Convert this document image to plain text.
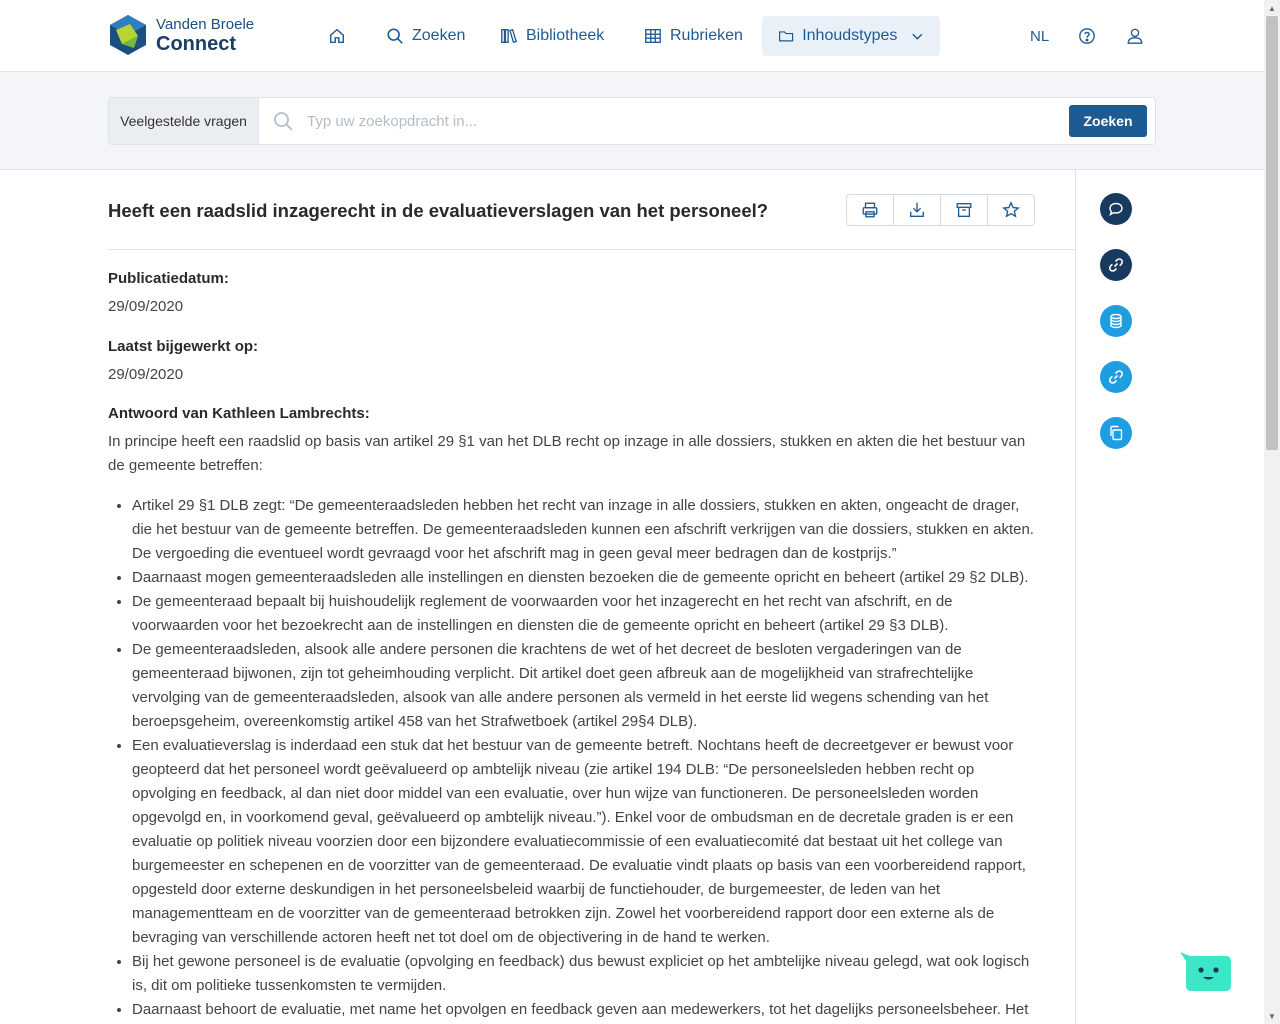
Vanden Broele
Connect	Zoeken	Bibliotheek	Rubrieken	Inhoudstypes	NL
Veelgestelde vragen
Typ uw zoekopdracht in...	Zoeken
Heeft een raadslid inzagerecht in de evaluatieverslagen van het personeel?
Publicatiedatum:
29/09/2020
Laatst bijgewerkt op:
29/09/2020
Antwoord van Kathleen Lambrechts:

In principe heeft een raadslid op basis van artikel 29 §1 van het DLB recht op inzage in alle dossiers, stukken en akten die het bestuur van de gemeente betreffen:

• Artikel 29 §1 DLB zegt: “De gemeenteraadsleden hebben het recht van inzage in alle dossiers, stukken en akten, ongeacht de drager, die het bestuur van de gemeente betreffen. De gemeenteraadsleden kunnen een afschrift verkrijgen van die dossiers, stukken en akten. De vergoeding die eventueel wordt gevraagd voor het afschrift mag in geen geval meer bedragen dan de kostprijs.”
• Daarnaast mogen gemeenteraadsleden alle instellingen en diensten bezoeken die de gemeente opricht en beheert (artikel 29 §2 DLB).
• De gemeenteraad bepaalt bij huishoudelijk reglement de voorwaarden voor het inzagerecht en het recht van afschrift, en de voorwaarden voor het bezoekrecht aan de instellingen en diensten die de gemeente opricht en beheert (artikel 29 §3 DLB).
• De gemeenteraadsleden, alsook alle andere personen die krachtens de wet of het decreet de besloten vergaderingen van de gemeenteraad bijwonen, zijn tot geheimhouding verplicht. Dit artikel doet geen afbreuk aan de mogelijkheid van strafrechtelijke vervolging van de gemeenteraadsleden, alsook van alle andere personen als vermeld in het eerste lid wegens schending van het beroepsgeheim, overeenkomstig artikel 458 van het Strafwetboek (artikel 29§4 DLB).
• Een evaluatieverslag is inderdaad een stuk dat het bestuur van de gemeente betreft. Nochtans heeft de decreetgever er bewust voor geopteerd dat het personeel wordt geëvalueerd op ambtelijk niveau (zie artikel 194 DLB: “De personeelsleden hebben recht op opvolging en feedback, al dan niet door middel van een evaluatie, over hun wijze van functioneren. De personeelsleden worden opgevolgd en, in voorkomend geval, geëvalueerd op ambtelijk niveau.”). Enkel voor de ombudsman en de decretale graden is er een evaluatie op politiek niveau voorzien door een bijzondere evaluatiecommissie of een evaluatiecomité dat bestaat uit het college van burgemeester en schepenen en de voorzitter van de gemeenteraad. De evaluatie vindt plaats op basis van een voorbereidend rapport, opgesteld door externe deskundigen in het personeelsbeleid waarbij de functiehouder, de burgemeester, de leden van het managementteam en de voorzitter van de gemeenteraad betrokken zijn. Zowel het voorbereidend rapport door een externe als de bevraging van verschillende actoren heeft net tot doel om de objectivering in de hand te werken.
• Bij het gewone personeel is de evaluatie (opvolging en feedback) dus bewust expliciet op het ambtelijke niveau gelegd, wat ook logisch is, dit om politieke tussenkomsten te vermijden.
• Daarnaast behoort de evaluatie, met name het opvolgen en feedback geven aan medewerkers, tot het dagelijks personeelsbeheer. Het
▲
▼
